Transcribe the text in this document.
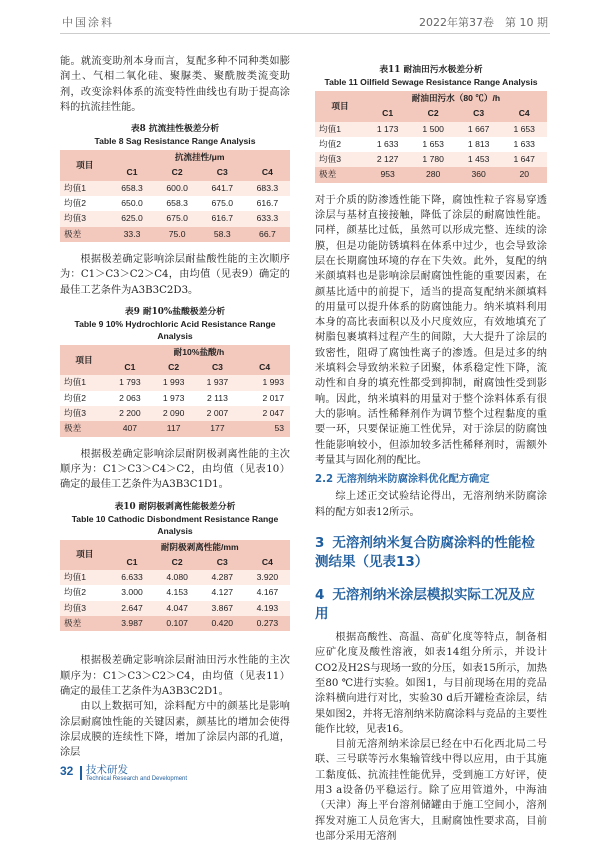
中国涂料	2022年第37卷　第 10 期

能。就流变助剂本身而言，复配多种不同种类如膨润土、气相二氧化硅、聚脲类、聚酰胺类流变助剂，改变涂料体系的流变特性曲线也有助于提高涂料的抗流挂性能。

表8 抗流挂性极差分析
Table 8 Sag Resistance Range Analysis
项目	抗流挂性/μm			
	C1	C2	C3	C4
均值1	658.3	600.0	641.7	683.3
均值2	650.0	658.3	675.0	616.7
均值3	625.0	675.0	616.7	633.3
极差	33.3	75.0	58.3	66.7

根据极差确定影响涂层耐盐酸性能的主次顺序为：C1＞C3＞C2＞C4，由均值（见表9）确定的最佳工艺条件为A3B3C2D3。

表9 耐10%盐酸极差分析
Table 9 10% Hydrochloric Acid Resistance Range
Analysis
项目	耐10%盐酸/h			
	C1	C2	C3	C4
均值1	1 793	1 993	1 937	1 993
均值2	2 063	1 973	2 113	2 017
均值3	2 200	2 090	2 007	2 047
极差	407	117	177	53

根据极差确定影响涂层耐阴极剥离性能的主次顺序为：C1＞C3＞C4＞C2，由均值（见表10）确定的最佳工艺条件为A3B3C1D1。

表10 耐阴极剥离性能极差分析
Table 10 Cathodic Disbondment Resistance Range
Analysis
项目	耐阴极剥离性能/mm			
	C1	C2	C3	C4
均值1	6.633	4.080	4.287	3.920
均值2	3.000	4.153	4.127	4.167
均值3	2.647	4.047	3.867	4.193
极差	3.987	0.107	0.420	0.273

根据极差确定影响涂层耐油田污水性能的主次顺序为：C1＞C3＞C2＞C4，由均值（见表11）确定的最佳工艺条件为A3B3C2D1。

由以上数据可知，涂料配方中的颜基比是影响涂层耐腐蚀性能的关键因素，颜基比的增加会使得涂层成膜的连续性下降，增加了涂层内部的孔道，涂层

表11 耐油田污水极差分析
Table 11 Oilfield Sewage Resistance Range Analysis
项目	耐油田污水（80 ℃）/h			
	C1	C2	C3	C4
均值1	1 173	1 500	1 667	1 653
均值2	1 633	1 653	1 813	1 633
均值3	2 127	1 780	1 453	1 647
极差	953	280	360	20

对于介质的防渗透性能下降，腐蚀性粒子容易穿透涂层与基材直接接触，降低了涂层的耐腐蚀性能。同样，颜基比过低，虽然可以形成完整、连续的涂膜，但是功能防锈填料在体系中过少，也会导致涂层在长期腐蚀环境的存在下失效。此外，复配的纳米颜填料也是影响涂层耐腐蚀性能的重要因素，在颜基比适中的前提下，适当的提高复配纳米颜填料的用量可以提升体系的防腐蚀能力。纳米填料利用本身的高比表面积以及小尺度效应，有效地填充了树脂包裹填料过程产生的间隙，大大提升了涂层的致密性，阻碍了腐蚀性离子的渗透。但是过多的纳米填料会导致纳米粒子团聚，体系稳定性下降，流动性和自身的填充性都受到抑制，耐腐蚀性受到影响。因此，纳米填料的用量对于整个涂料体系有很大的影响。活性稀释剂作为调节整个过程黏度的重要一环，只要保证施工性优异，对于涂层的防腐蚀性能影响较小，但添加较多活性稀释剂时，需额外考量其与固化剂的配比。

2.2 无溶剂纳米防腐涂料优化配方确定

综上述正交试验结论得出，无溶剂纳米防腐涂料的配方如表12所示。

3 无溶剂纳米复合防腐涂料的性能检测结果（见表13）
4 无溶剂纳米涂层模拟实际工况及应用

根据高酸性、高温、高矿化度等特点，制备相应矿化度及酸性溶液，如表14组分所示，并设计CO2及H2S与现场一致的分压，如表15所示，加热至80 ℃进行实验。如图1，与目前现场在用的竞品涂料横向进行对比，实验30 d后开罐检查涂层，结果如图2，并将无溶剂纳米防腐涂料与竞品的主要性能作比较，见表16。

目前无溶剂纳米涂层已经在中石化西北局二号联、三号联等污水集输管线中得以应用，由于其施工黏度低、抗流挂性能优异，受到施工方好评，使用3 a设备仍平稳运行。除了应用管道外，中海油（天津）海上平台溶剂储罐由于施工空间小，溶剂挥发对施工人员危害大，且耐腐蚀性要求高，目前也部分采用无溶剂

32 技术研发
Technical Research and Development
